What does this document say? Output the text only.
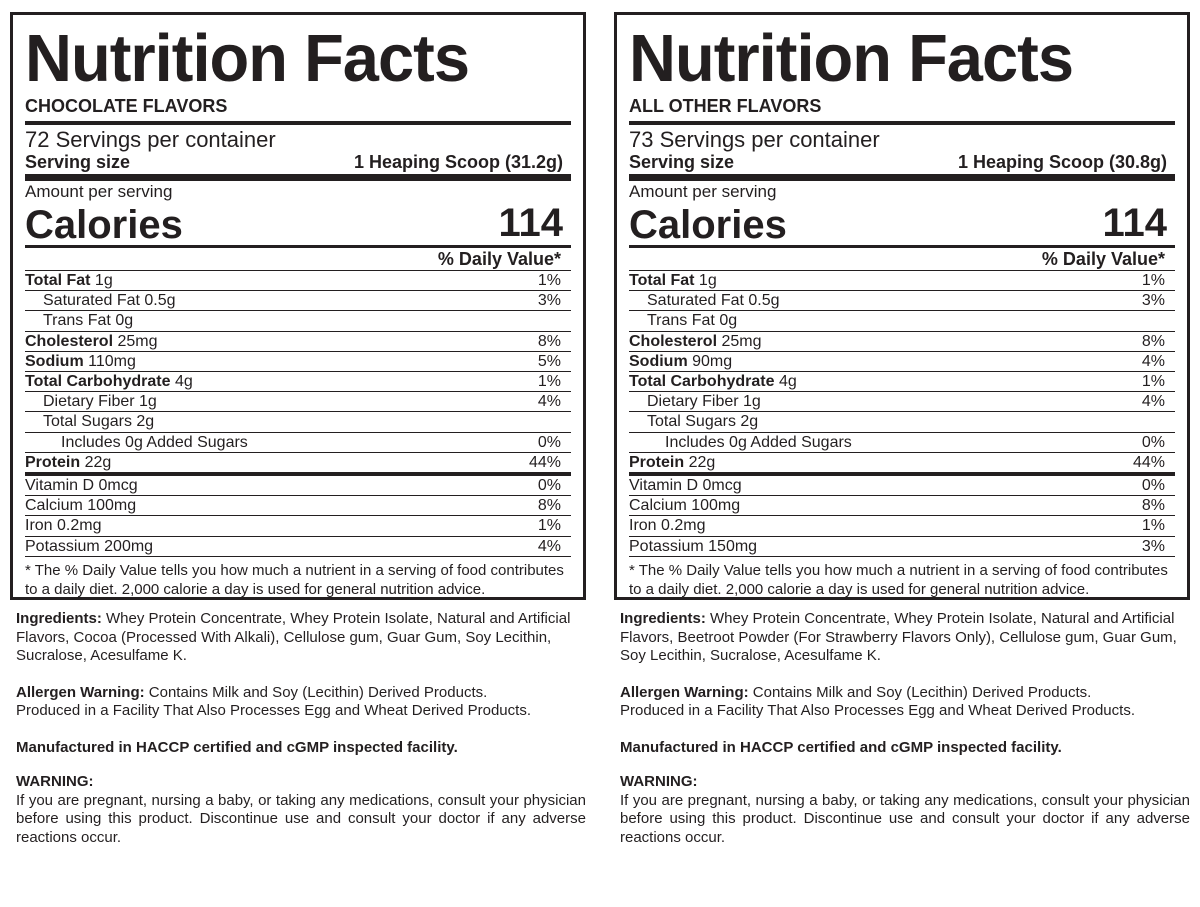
Nutrition Facts
CHOCOLATE FLAVORS
72 Servings per container
Serving size	1 Heaping Scoop (31.2g)
Amount per serving
Calories	114
% Daily Value*
Total Fat 1g	1%
Saturated Fat 0.5g	3%
Trans Fat 0g
Cholesterol 25mg	8%
Sodium 110mg	5%
Total Carbohydrate 4g	1%
Dietary Fiber 1g	4%
Total Sugars 2g
Includes 0g Added Sugars	0%
Protein 22g	44%
Vitamin D 0mcg	0%
Calcium 100mg	8%
Iron 0.2mg	1%
Potassium 200mg	4%
* The % Daily Value tells you how much a nutrient in a serving of food contributes to a daily diet. 2,000 calorie a day is used for general nutrition advice.

Ingredients: Whey Protein Concentrate, Whey Protein Isolate, Natural and Artificial Flavors, Cocoa (Processed With Alkali), Cellulose gum, Guar Gum, Soy Lecithin, Sucralose, Acesulfame K.

Allergen Warning: Contains Milk and Soy (Lecithin) Derived Products.
Produced in a Facility That Also Processes Egg and Wheat Derived Products.

Manufactured in HACCP certified and cGMP inspected facility.

WARNING:

If you are pregnant, nursing a baby, or taking any medications, consult your physician before using this product. Discontinue use and consult your doctor if any adverse reactions occur.

Nutrition Facts
ALL OTHER FLAVORS
73 Servings per container
Serving size	1 Heaping Scoop (30.8g)
Amount per serving
Calories	114
% Daily Value*
Total Fat 1g	1%
Saturated Fat 0.5g	3%
Trans Fat 0g
Cholesterol 25mg	8%
Sodium 90mg	4%
Total Carbohydrate 4g	1%
Dietary Fiber 1g	4%
Total Sugars 2g
Includes 0g Added Sugars	0%
Protein 22g	44%
Vitamin D 0mcg	0%
Calcium 100mg	8%
Iron 0.2mg	1%
Potassium 150mg	3%
* The % Daily Value tells you how much a nutrient in a serving of food contributes to a daily diet. 2,000 calorie a day is used for general nutrition advice.

Ingredients: Whey Protein Concentrate, Whey Protein Isolate, Natural and Artificial Flavors, Beetroot Powder (For Strawberry Flavors Only), Cellulose gum, Guar Gum, Soy Lecithin, Sucralose, Acesulfame K.

Allergen Warning: Contains Milk and Soy (Lecithin) Derived Products.
Produced in a Facility That Also Processes Egg and Wheat Derived Products.

Manufactured in HACCP certified and cGMP inspected facility.

WARNING:

If you are pregnant, nursing a baby, or taking any medications, consult your physician before using this product. Discontinue use and consult your doctor if any adverse reactions occur.
